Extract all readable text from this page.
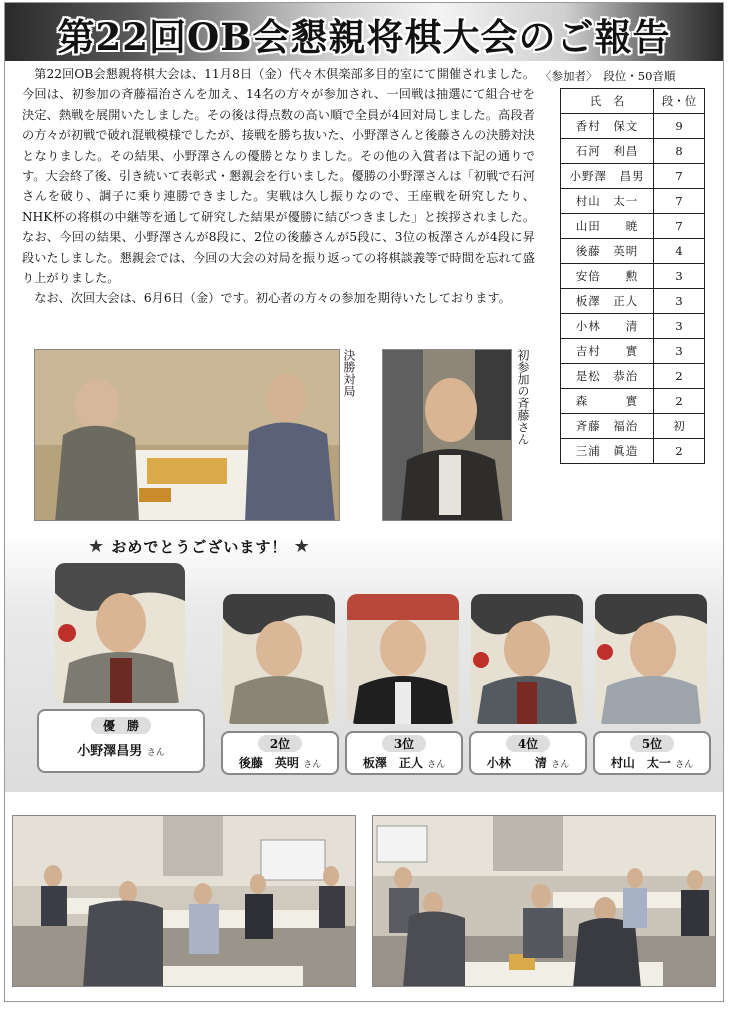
第22回OB会懇親将棋大会のご報告

第22回OB会懇親将棋大会は、11月8日（金）代々木倶楽部多目的室にて開催されました。今回は、初参加の斉藤福治さんを加え、14名の方々が参加され、一回戦は抽選にて組合せを決定、熱戦を展開いたしました。その後は得点数の高い順で全員が4回対局しました。高段者の方々が初戦で破れ混戦模様でしたが、接戦を勝ち抜いた、小野澤さんと後藤さんの決勝対決となりました。その結果、小野澤さんの優勝となりました。その他の入賞者は下記の通りです。大会終了後、引き続いて表彰式・懇親会を行いました。優勝の小野澤さんは「初戦で石河さんを破り、調子に乗り連勝できました。実戦は久し振りなので、王座戦を研究したり、NHK杯の将棋の中継等を通して研究した結果が優勝に結びつきました」と挨拶されました。なお、今回の結果、小野澤さんが8段に、2位の後藤さんが5段に、3位の板澤さんが4段に昇段いたしました。懇親会では、今回の大会の対局を振り返っての将棋談義等で時間を忘れて盛り上がりました。

なお、次回大会は、6月6日（金）です。初心者の方々の参加を期待いたしております。

〈参加者〉　段位・50音順
氏　名	段・位
香村　保文	9
石河　利昌	8
小野澤　昌男	7
村山　太一	7
山田　　暁	7
後藤　英明	4
安倍　　勲	3
板澤　正人	3
小林　　清	3
吉村　　實	3
是松　恭治	2
森　　　實	2
斉藤　福治	初
三浦　眞造	2
決勝対局	初参加の斉藤さん
★ おめでとうございます！ ★
優　勝
小野澤昌男 さん
2位
後藤　英明 さん
3位
板澤　正人 さん
4位
小林　　清 さん
5位
村山　太一 さん
